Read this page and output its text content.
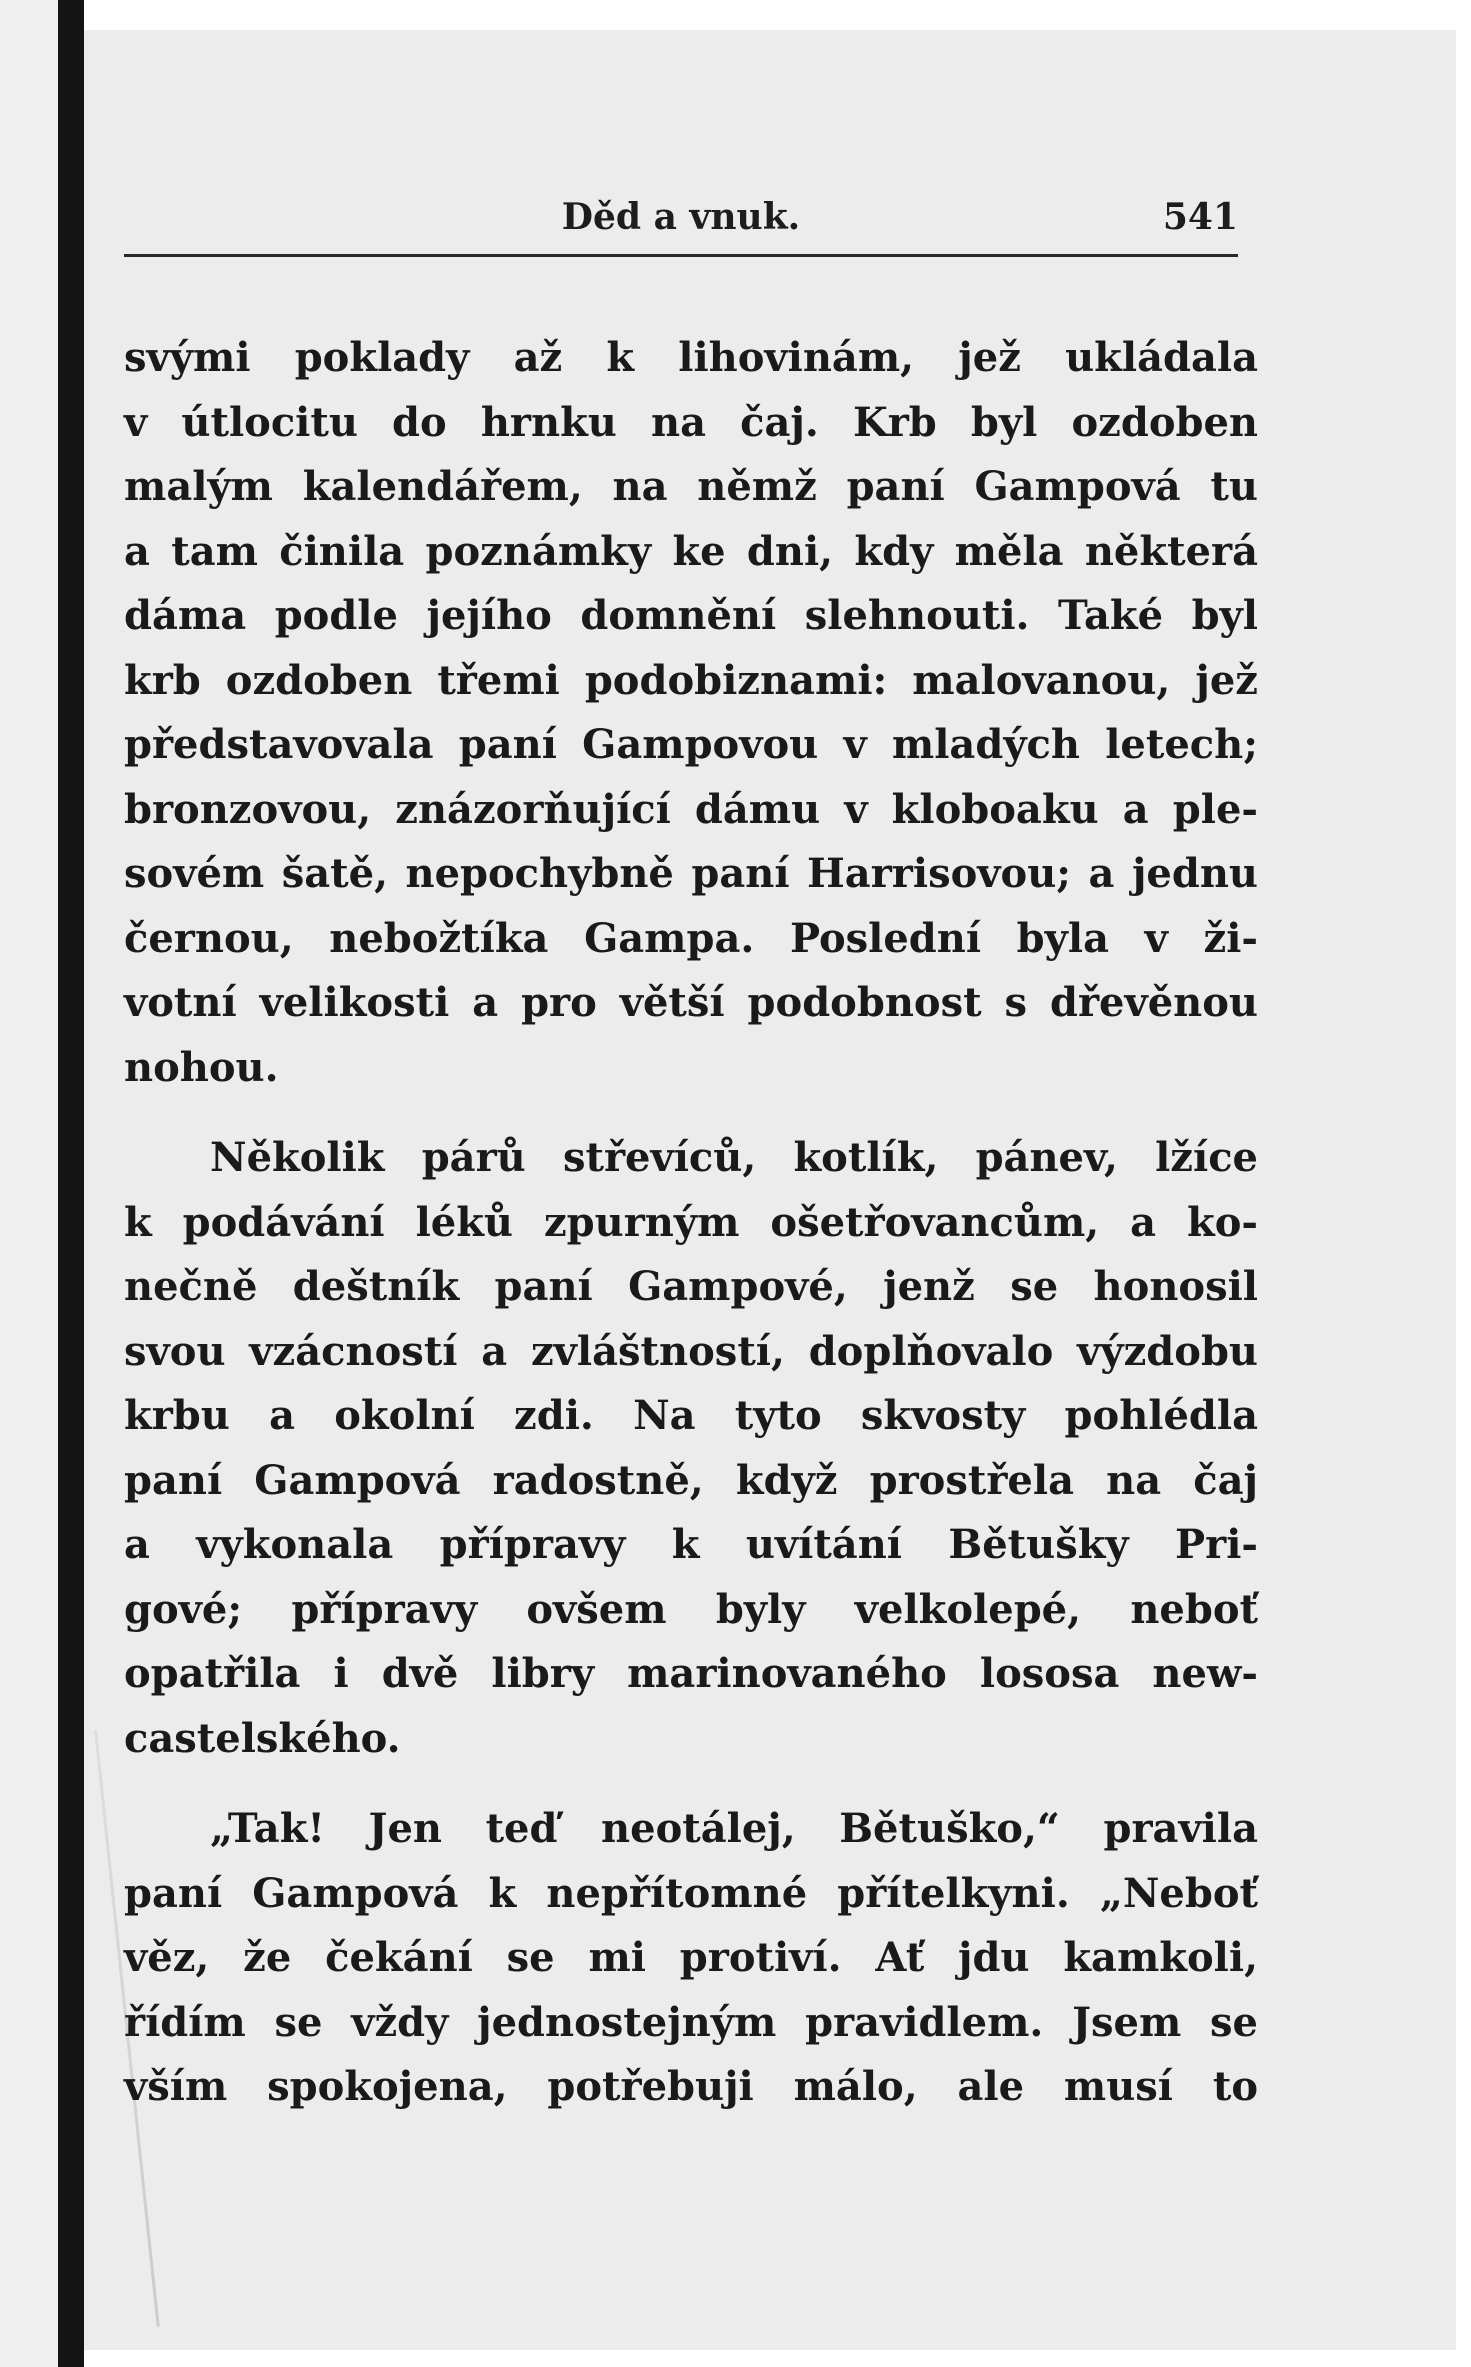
Děd a vnuk.	541
svými poklady až k lihovinám, jež ukládala
v útlocitu do hrnku na čaj. Krb byl ozdoben
malým kalendářem, na němž paní Gampová tu
a tam činila poznámky ke dni, kdy měla některá
dáma podle jejího domnění slehnouti. Také byl
krb ozdoben třemi podobiznami: malovanou, jež
představovala paní Gampovou v mladých letech;
bronzovou, znázorňující dámu v kloboaku a ple-
sovém šatě, nepochybně paní Harrisovou; a jednu
černou, nebožtíka Gampa. Poslední byla v ži-
votní velikosti a pro větší podobnost s dřevěnou
nohou.
Několik párů střevíců, kotlík, pánev, lžíce
k podávání léků zpurným ošetřovancům, a ko-
nečně deštník paní Gampové, jenž se honosil
svou vzácností a zvláštností, doplňovalo výzdobu
krbu a okolní zdi. Na tyto skvosty pohlédla
paní Gampová radostně, když prostřela na čaj
a vykonala přípravy k uvítání Bětušky Pri-
gové; přípravy ovšem byly velkolepé, neboť
opatřila i dvě libry marinovaného lososa new-
castelského.
„Tak! Jen teď neotálej, Bětuško,“ pravila
paní Gampová k nepřítomné přítelkyni. „Neboť
věz, že čekání se mi protiví. Ať jdu kamkoli,
řídím se vždy jednostejným pravidlem. Jsem se
vším spokojena, potřebuji málo, ale musí to
